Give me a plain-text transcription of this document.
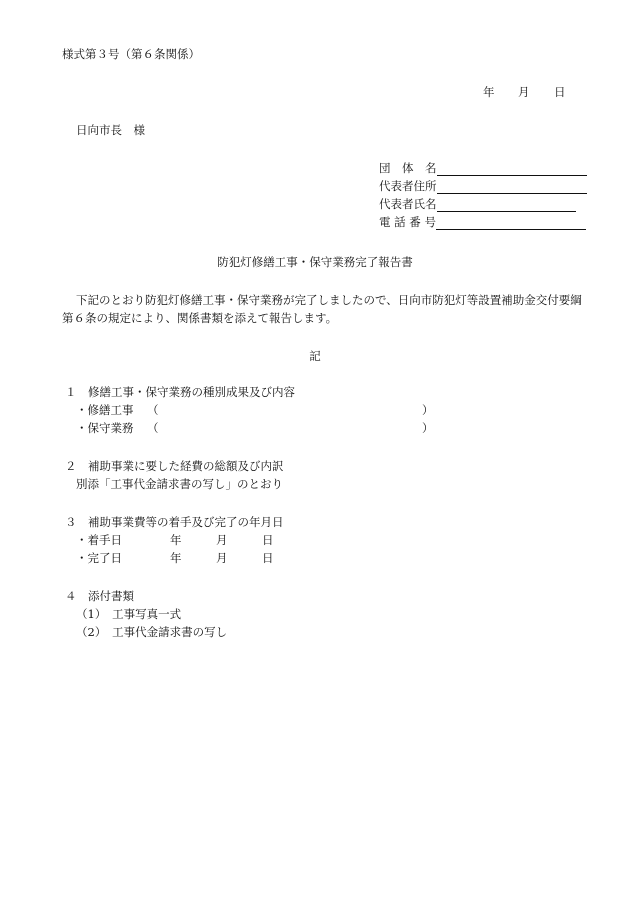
様式第３号（第６条関係）
年 月 日
日向市長　様
団　体　名
代表者住所
代表者氏名
電 話 番 号
防犯灯修繕工事・保守業務完了報告書
下記のとおり防犯灯修繕工事・保守業務が完了しましたので、日向市防犯灯等設置補助金交付要綱
第６条の規定により、関係書類を添えて報告します。
記
１　修繕工事・保守業務の種別成果及び内容
・修繕工事 （	）
・保守業務 （	）
２　補助事業に要した経費の総額及び内訳
別添「工事代金請求書の写し」のとおり
３　補助事業費等の着手及び完了の年月日
・着手日	年	月	日
・完了日	年	月	日
４　添付書類
（1）　工事写真一式
（2）　工事代金請求書の写し
